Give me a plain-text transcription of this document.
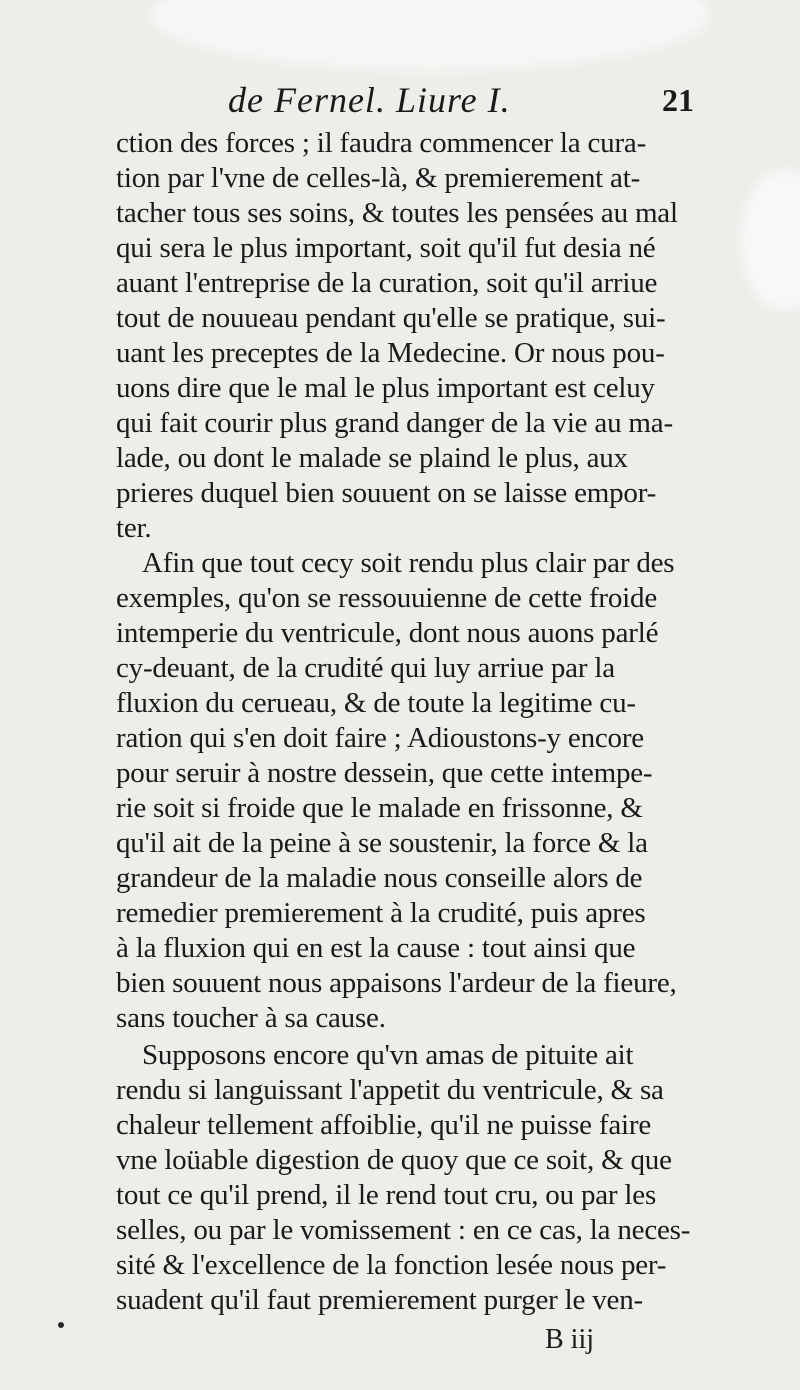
de Fernel. Liure I.	21
ction des forces ; il faudra commencer la cura-
tion par l'vne de celles-là, & premierement at-
tacher tous ses soins, & toutes les pensées au mal
qui sera le plus important, soit qu'il fut desia né
auant l'entreprise de la curation, soit qu'il arriue
tout de nouueau pendant qu'elle se pratique, sui-
uant les preceptes de la Medecine. Or nous pou-
uons dire que le mal le plus important est celuy
qui fait courir plus grand danger de la vie au ma-
lade, ou dont le malade se plaind le plus, aux
prieres duquel bien souuent on se laisse empor-
ter.
Afin que tout cecy soit rendu plus clair par des
exemples, qu'on se ressouuienne de cette froide
intemperie du ventricule, dont nous auons parlé
cy-deuant, de la crudité qui luy arriue par la
fluxion du cerueau, & de toute la legitime cu-
ration qui s'en doit faire ; Adioustons-y encore
pour seruir à nostre dessein, que cette intempe-
rie soit si froide que le malade en frissonne, &
qu'il ait de la peine à se soustenir, la force & la
grandeur de la maladie nous conseille alors de
remedier premierement à la crudité, puis apres
à la fluxion qui en est la cause : tout ainsi que
bien souuent nous appaisons l'ardeur de la fieure,
sans toucher à sa cause.
Supposons encore qu'vn amas de pituite ait
rendu si languissant l'appetit du ventricule, & sa
chaleur tellement affoiblie, qu'il ne puisse faire
vne loüable digestion de quoy que ce soit, & que
tout ce qu'il prend, il le rend tout cru, ou par les
selles, ou par le vomissement : en ce cas, la neces-
sité & l'excellence de la fonction lesée nous per-
suadent qu'il faut premierement purger le ven-
B iij
